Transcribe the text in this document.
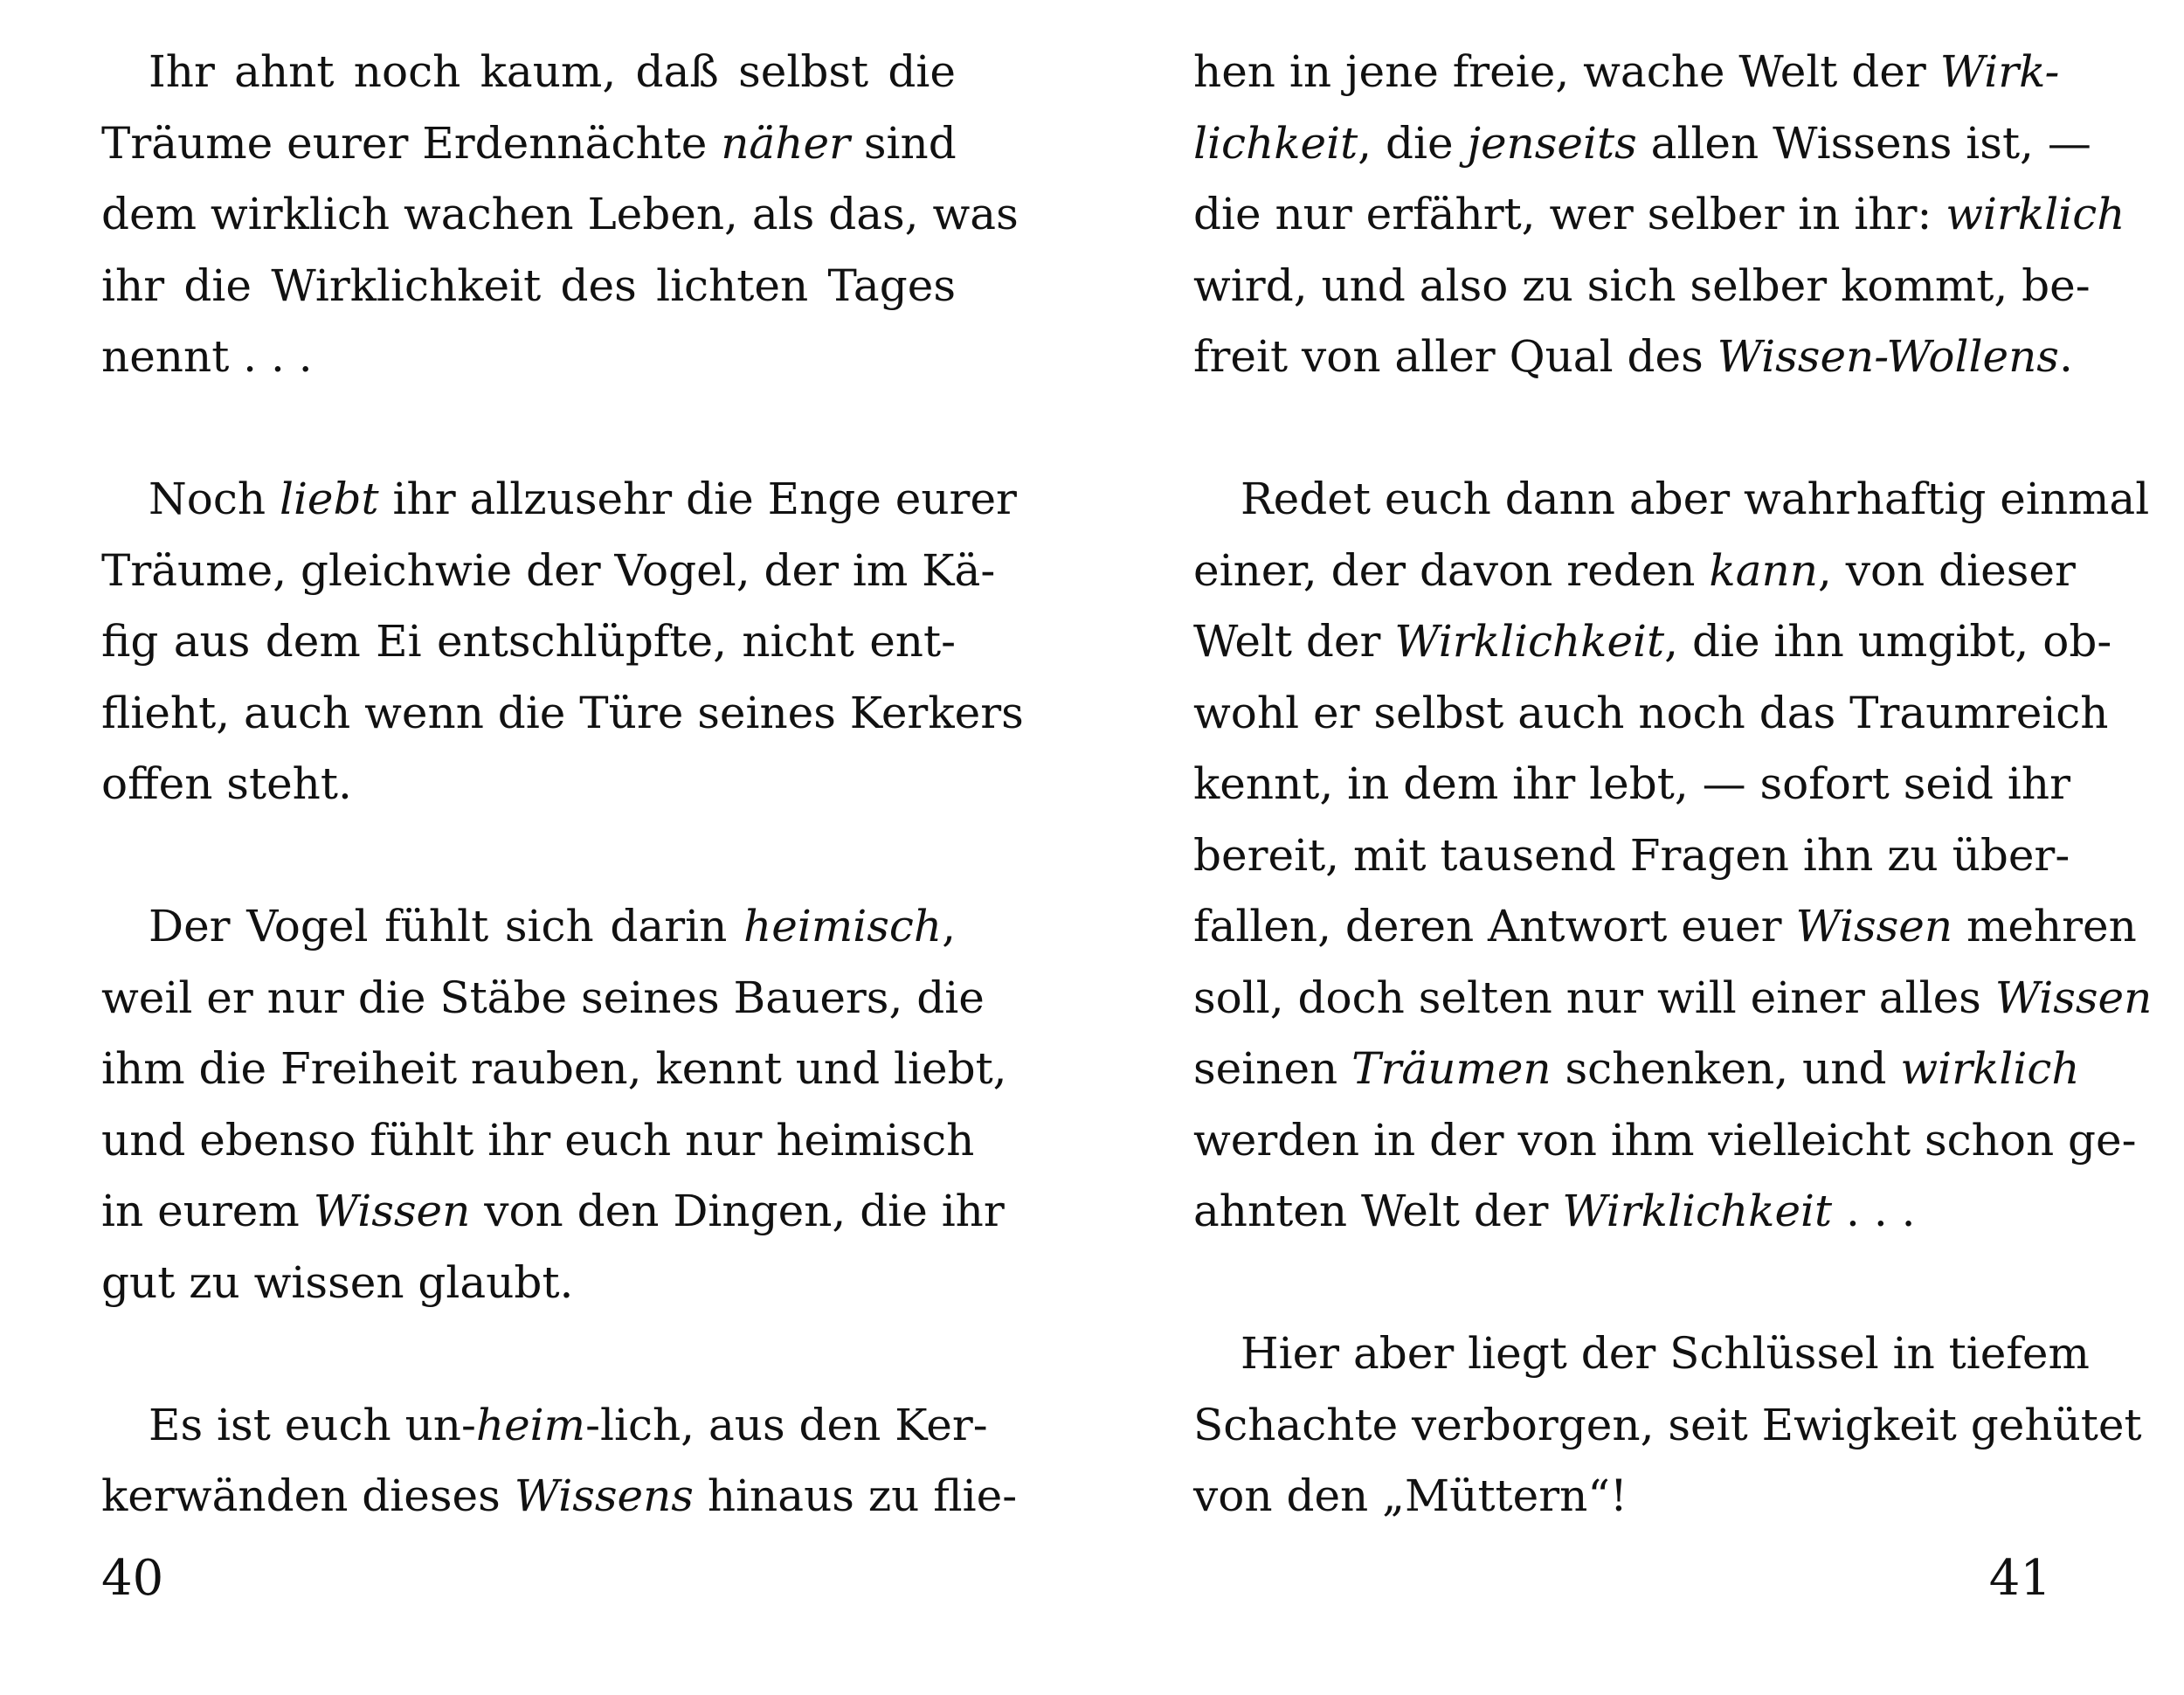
Ihr ahnt noch kaum, daß selbst die
Träume eurer Erdennächte näher sind
dem wirklich wachen Leben, als das, was
ihr die Wirklichkeit des lichten Tages
nennt . . .
Noch liebt ihr allzusehr die Enge eurer
Träume, gleichwie der Vogel, der im Kä-
fig aus dem Ei entschlüpfte, nicht ent-
flieht, auch wenn die Türe seines Kerkers
offen steht.
Der Vogel fühlt sich darin heimisch,
weil er nur die Stäbe seines Bauers, die
ihm die Freiheit rauben, kennt und liebt,
und ebenso fühlt ihr euch nur heimisch
in eurem Wissen von den Dingen, die ihr
gut zu wissen glaubt.
Es ist euch un-heim-lich, aus den Ker-
kerwänden dieses Wissens hinaus zu flie-
40
hen in jene freie, wache Welt der Wirk-
lichkeit, die jenseits allen Wissens ist, —
die nur erfährt, wer selber in ihr: wirklich
wird, und also zu sich selber kommt, be-
freit von aller Qual des Wissen-Wollens.
Redet euch dann aber wahrhaftig einmal
einer, der davon reden kann, von dieser
Welt der Wirklichkeit, die ihn umgibt, ob-
wohl er selbst auch noch das Traumreich
kennt, in dem ihr lebt, — sofort seid ihr
bereit, mit tausend Fragen ihn zu über-
fallen, deren Antwort euer Wissen mehren
soll, doch selten nur will einer alles Wissen
seinen Träumen schenken, und wirklich
werden in der von ihm vielleicht schon ge-
ahnten Welt der Wirklichkeit . . .
Hier aber liegt der Schlüssel in tiefem
Schachte verborgen, seit Ewigkeit gehütet
von den „Müttern“!
41
